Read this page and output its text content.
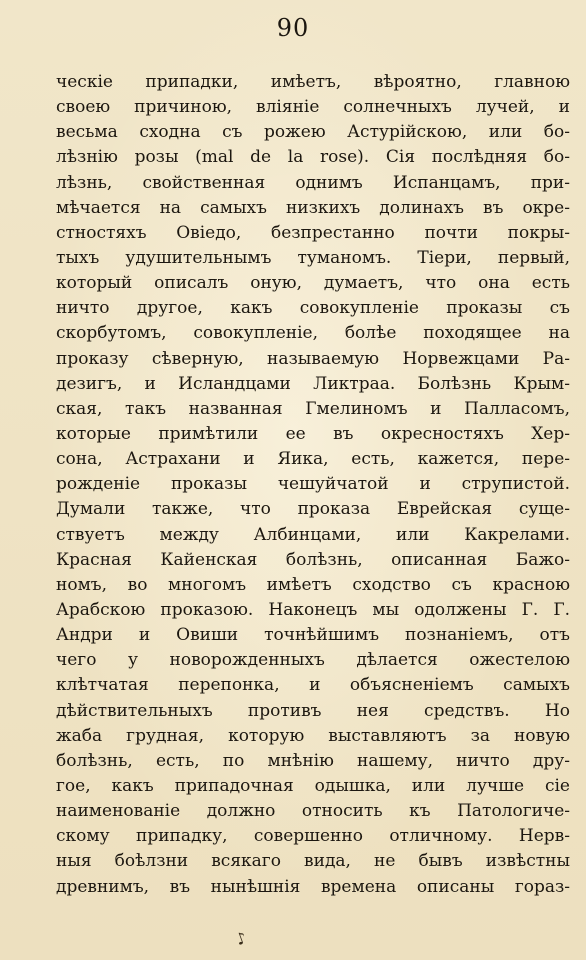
90
ческіе припадки, имѣетъ, вѣроятно, главною
своею причиною, вліяніе солнечныхъ лучей, и
весьма сходна съ рожею Астурійскою, или бо-
лѣзнію розы (mal de la rose). Сія послѣдняя бо-
лѣзнь, свойственная однимъ Испанцамъ, при-
мѣчается на самыхъ низкихъ долинахъ въ окре-
стностяхъ Овіедо, безпрестанно почти покры-
тыхъ удушительнымъ туманомъ. Тіери, первый,
который описалъ оную, думаетъ, что она есть
ничто другое, какъ совокупленіе проказы съ
скорбутомъ, совокупленіе, болѣе походящее на
проказу сѣверную, называемую Норвежцами Ра-
дезигъ, и Исландцами Ликтраа. Болѣзнь Крым-
ская, такъ названная Гмелиномъ и Палласомъ,
которые примѣтили ее въ окресностяхъ Хер-
сона, Астрахани и Яика, есть, кажется, пере-
рожденіе проказы чешуйчатой и струпистой.
Думали также, что проказа Еврейская суще-
ствуетъ между Албинцами, или Какрелами.
Красная Кайенская болѣзнь, описанная Бажо-
номъ, во многомъ имѣетъ сходство съ красною
Арабскою проказою. Наконецъ мы одолжены Г. Г.
Андри и Овиши точнѣйшимъ познаніемъ, отъ
чего у новорожденныхъ дѣлается ожестелою
клѣтчатая перепонка, и объясненіемъ самыхъ
дѣйствительныхъ противъ нея средствъ. Но
жаба грудная, которую выставляютъ за новую
болѣзнь, есть, по мнѣнію нашему, ничто дру-
гое, какъ припадочная одышка, или лучше сіе
наименованіе должно относить къ Патологиче-
скому припадку, совершенно отличному. Нерв-
ныя боѣлзни всякаго вида, не бывъ извѣстны
древнимъ, въ нынѣшнія времена описаны гораз-
♪
